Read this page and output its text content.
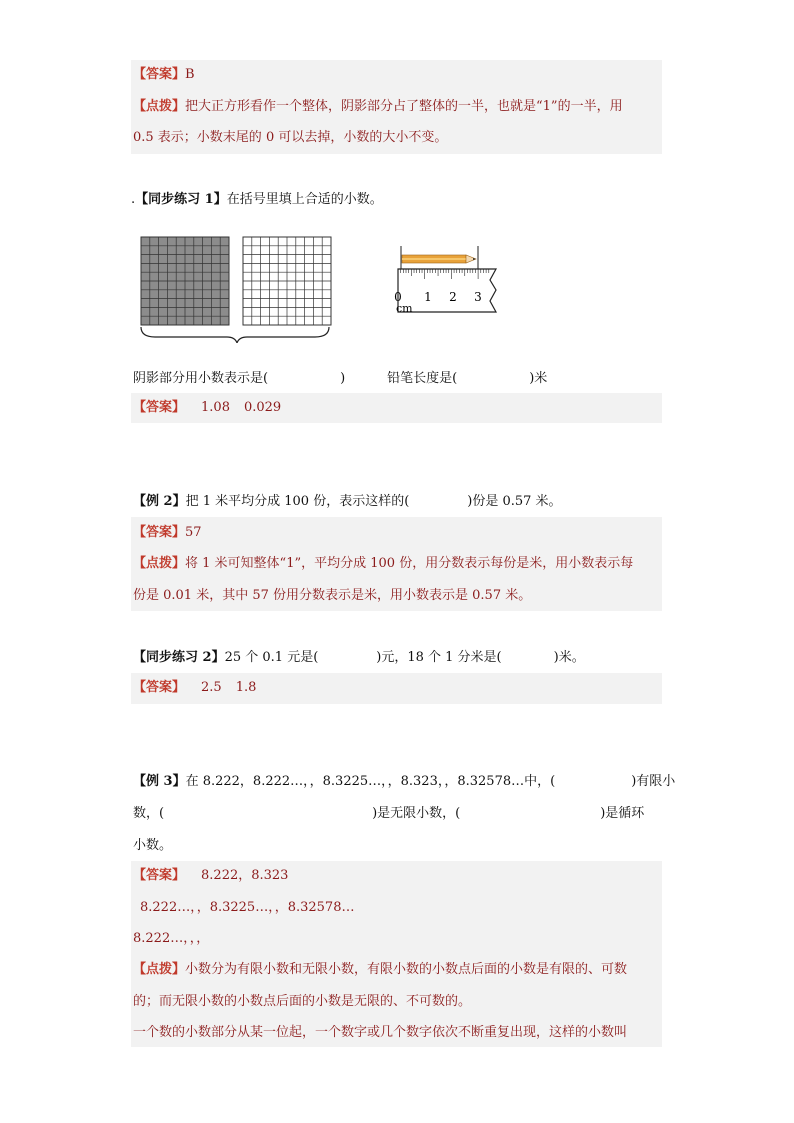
【答案】B
【点拨】把大正方形看作一个整体，阴影部分占了整体的一半，也就是“1”的一半，用
0.5 表示；小数末尾的 0 可以去掉，小数的大小不变。
.【同步练习 1】在括号里填上合适的小数。
0 1 2 3
cm
阴影部分用小数表示是(	)	铅笔长度是(	)米
【答案】 1.08 0.029
【例 2】把 1 米平均分成 100 份，表示这样的(	)份是 0.57 米。
【答案】57
【点拨】将 1 米可知整体“1”，平均分成 100 份，用分数表示每份是米，用小数表示每
份是 0.01 米，其中 57 份用分数表示是米，用小数表示是 0.57 米。
【同步练习 2】25 个 0.1 元是(	)元，18 个 1 分米是(	)米。
【答案】 2.5 1.8
【例 3】在 8.222，8.222…，，8.3225…，，8.323，，8.32578…中，(	)有限小
数，(	)是无限小数，(	)是循环
小数。
【答案】 8.222，8.323
8.222…，，8.3225…，，8.32578…
8.222…，，，
【点拨】小数分为有限小数和无限小数，有限小数的小数点后面的小数是有限的、可数
的；而无限小数的小数点后面的小数是无限的、不可数的。
一个数的小数部分从某一位起，一个数字或几个数字依次不断重复出现，这样的小数叫
